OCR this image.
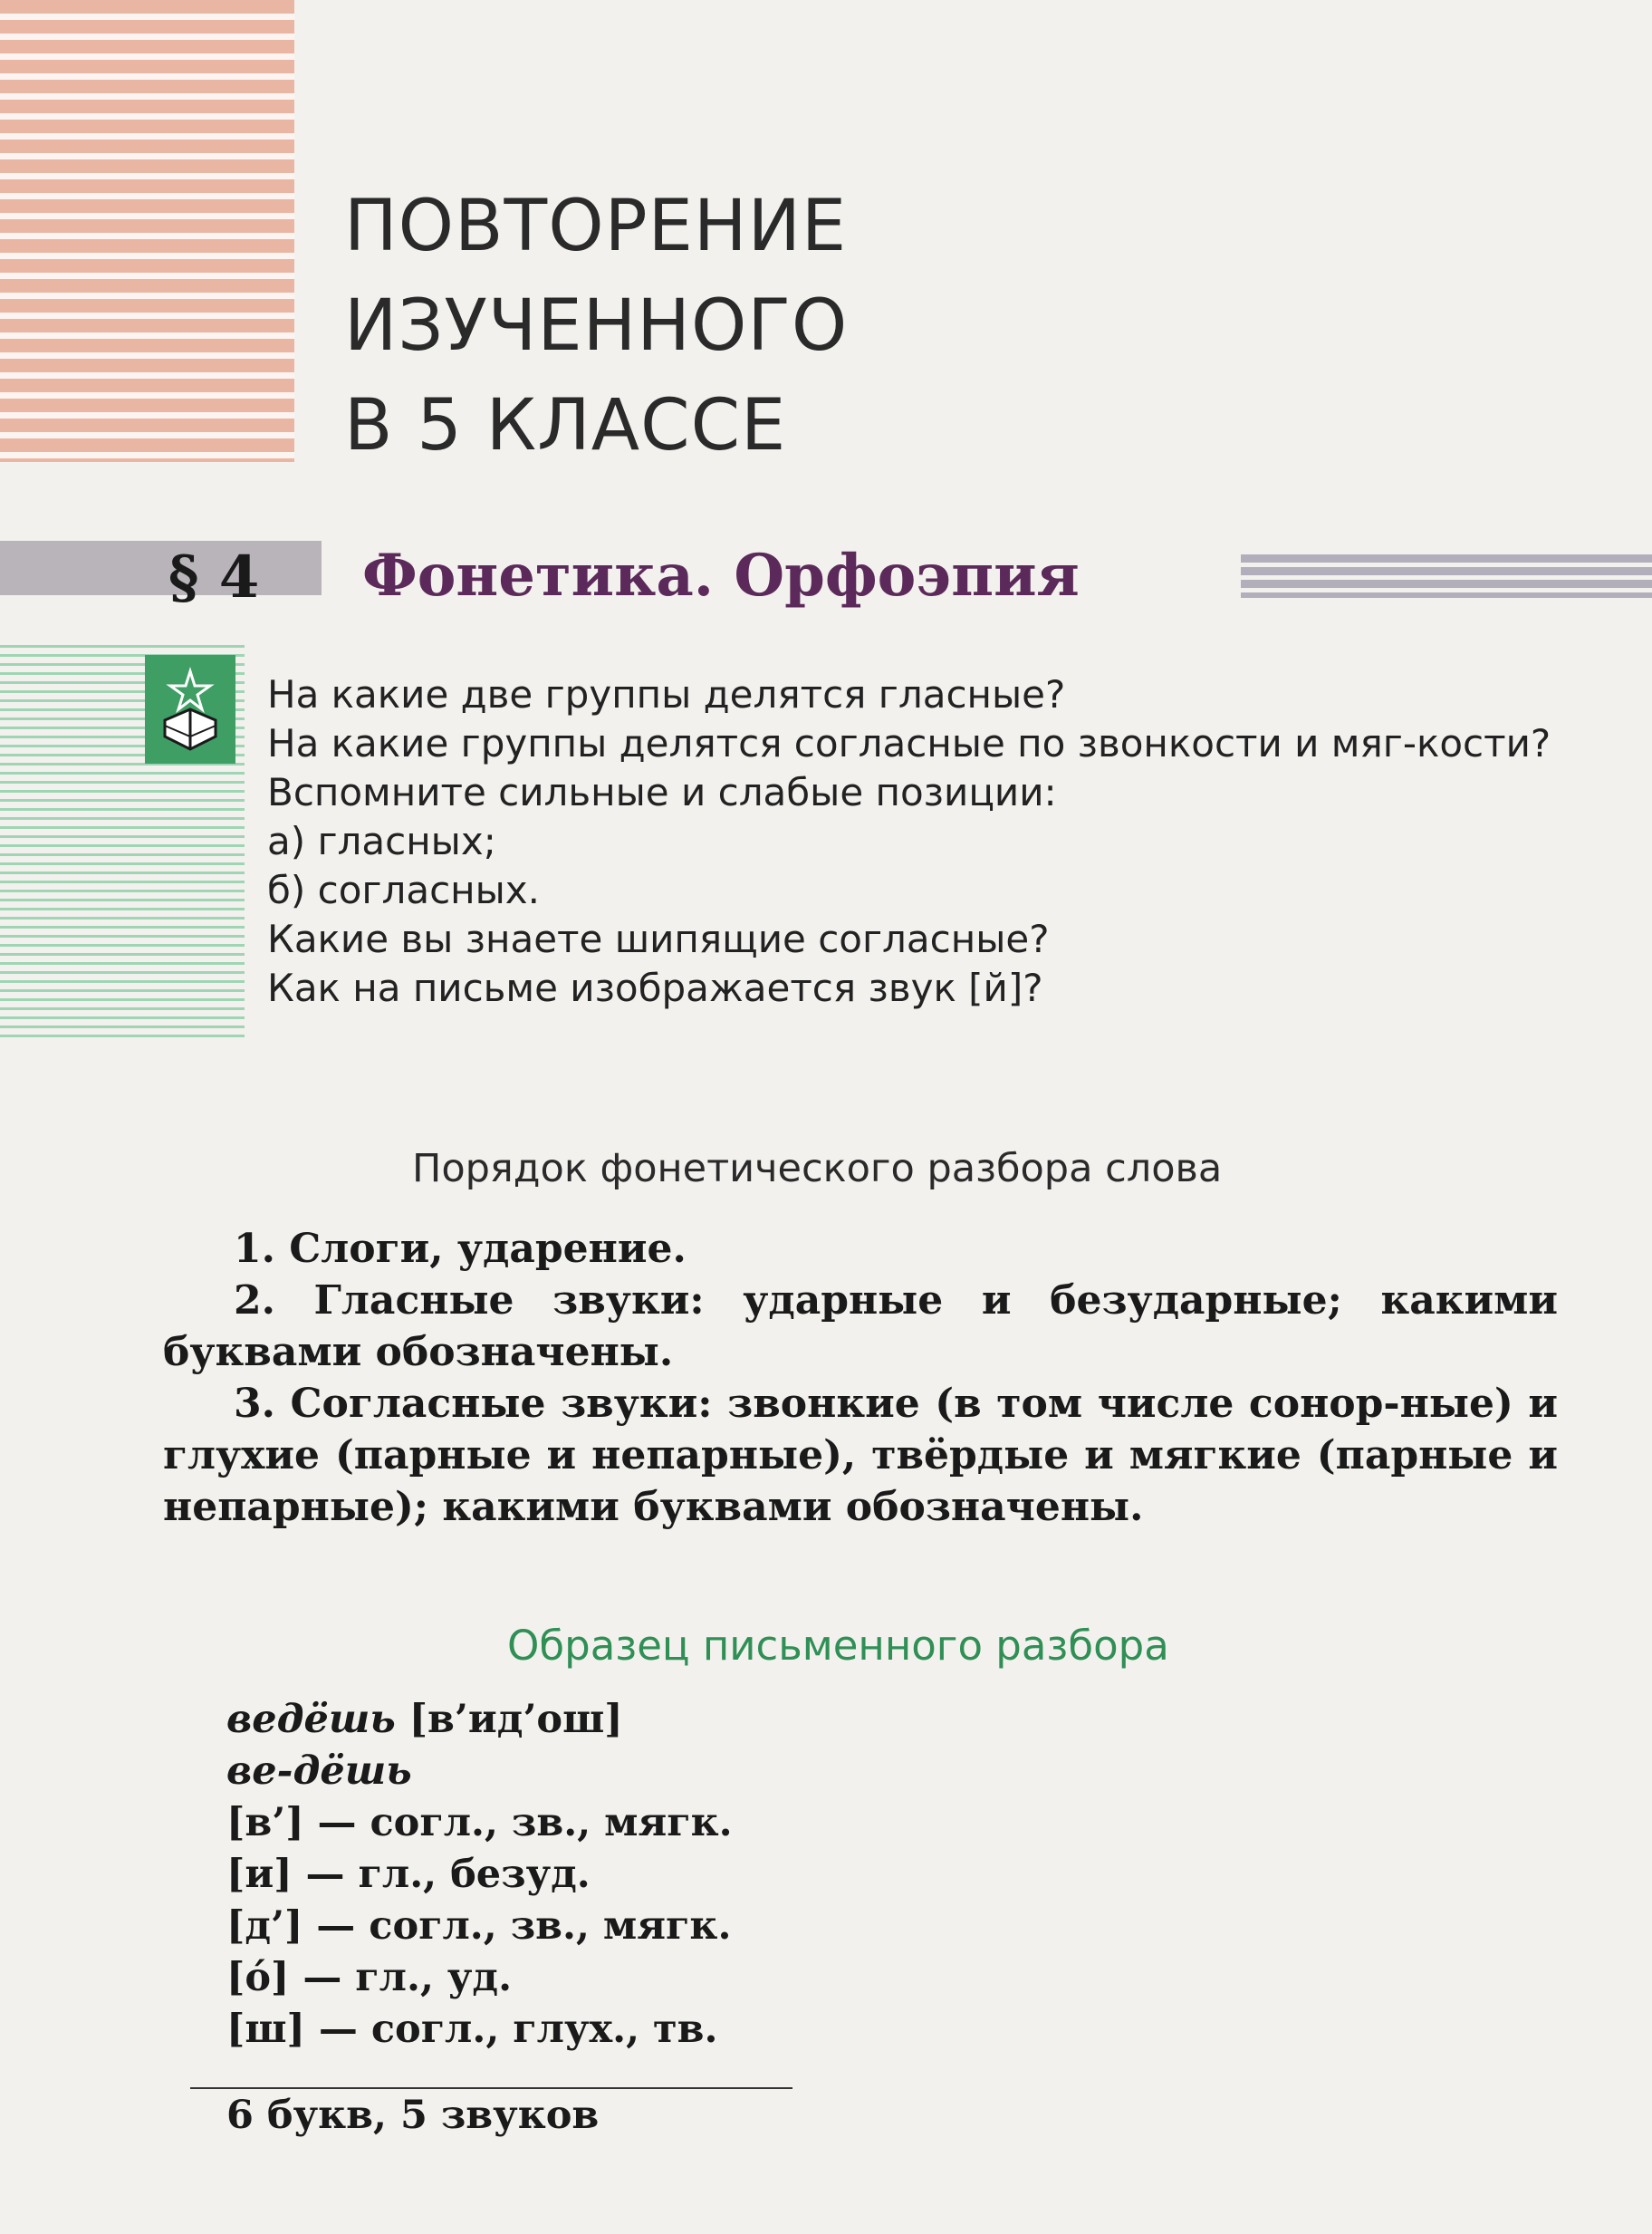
ПОВТОРЕНИЕ
ИЗУЧЕННОГО
В 5 КЛАССЕ
§ 4 Фонетика. Орфоэпия

На какие две группы делятся гласные?

На какие группы делятся согласные по звонкости и мяг-кости?

Вспомните сильные и слабые позиции:

а) гласных;

б) согласных.

Какие вы знаете шипящие согласные?

Как на письме изображается звук [й]?

Порядок фонетического разбора слова

1. Слоги, ударение.

2. Гласные звуки: ударные и безударные; какими буквами обозначены.

3. Согласные звуки: звонкие (в том числе сонор-ные) и глухие (парные и непарные), твёрдые и мягкие (парные и непарные); какими буквами обозначены.

Образец письменного разбора

ведёшь [в’ид’ош]

ве-дёшь

[в’] — согл., зв., мягк.

[и] — гл., безуд.

[д’] — согл., зв., мягк.

[ó] — гл., уд.

[ш] — согл., глух., тв.

6 букв, 5 звуков
